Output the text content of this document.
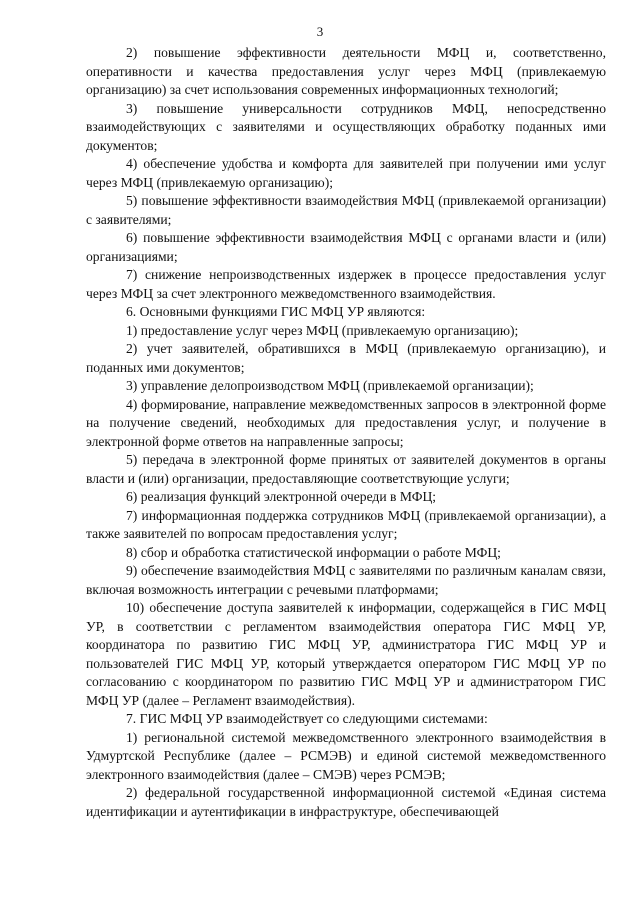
3

2) повышение эффективности деятельности МФЦ и, соответственно, оперативности и качества предоставления услуг через МФЦ (привлекаемую организацию) за счет использования современных информационных технологий;

3) повышение универсальности сотрудников МФЦ, непосредственно взаимодействующих с заявителями и осуществляющих обработку поданных ими документов;

4) обеспечение удобства и комфорта для заявителей при получении ими услуг через МФЦ (привлекаемую организацию);

5) повышение эффективности взаимодействия МФЦ (привлекаемой организации) с заявителями;

6) повышение эффективности взаимодействия МФЦ с органами власти и (или) организациями;

7) снижение непроизводственных издержек в процессе предоставления услуг через МФЦ за счет электронного межведомственного взаимодействия.

6. Основными функциями ГИС МФЦ УР являются:

1) предоставление услуг через МФЦ (привлекаемую организацию);

2) учет заявителей, обратившихся в МФЦ (привлекаемую организацию), и поданных ими документов;

3) управление делопроизводством МФЦ (привлекаемой организации);

4) формирование, направление межведомственных запросов в электронной форме на получение сведений, необходимых для предоставления услуг, и получение в электронной форме ответов на направленные запросы;

5) передача в электронной форме принятых от заявителей документов в органы власти и (или) организации, предоставляющие соответствующие услуги;

6) реализация функций электронной очереди в МФЦ;

7) информационная поддержка сотрудников МФЦ (привлекаемой организации), а также заявителей по вопросам предоставления услуг;

8) сбор и обработка статистической информации о работе МФЦ;

9) обеспечение взаимодействия МФЦ с заявителями по различным каналам связи, включая возможность интеграции с речевыми платформами;

10) обеспечение доступа заявителей к информации, содержащейся в ГИС МФЦ УР, в соответствии с регламентом взаимодействия оператора ГИС МФЦ УР, координатора по развитию ГИС МФЦ УР, администратора ГИС МФЦ УР и пользователей ГИС МФЦ УР, который утверждается оператором ГИС МФЦ УР по согласованию с координатором по развитию ГИС МФЦ УР и администратором ГИС МФЦ УР (далее – Регламент взаимодействия).

7. ГИС МФЦ УР взаимодействует со следующими системами:

1) региональной системой межведомственного электронного взаимодействия в Удмуртской Республике (далее – РСМЭВ) и единой системой межведомственного электронного взаимодействия (далее – СМЭВ) через РСМЭВ;

2) федеральной государственной информационной системой «Единая система идентификации и аутентификации в инфраструктуре, обеспечивающей
